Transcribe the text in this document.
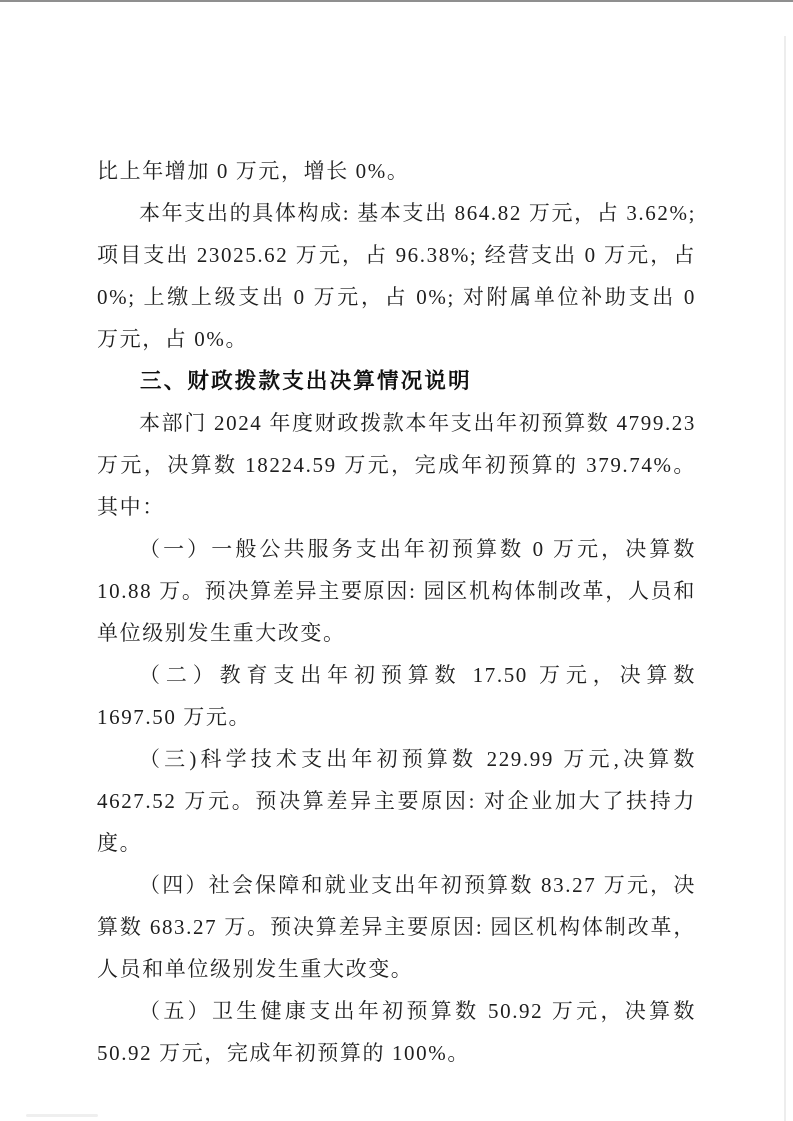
比上年增加 0 万元，增长 0%。

本年支出的具体构成: 基本支出 864.82 万元，占 3.62%; 项目支出 23025.62 万元，占 96.38%; 经营支出 0 万元，占 0%; 上缴上级支出 0 万元，占 0%; 对附属单位补助支出 0 万元，占 0%。

三、财政拨款支出决算情况说明

本部门 2024 年度财政拨款本年支出年初预算数 4799.23 万元，决算数 18224.59 万元，完成年初预算的 379.74%。其中：

（一）一般公共服务支出年初预算数 0 万元，决算数 10.88 万。预决算差异主要原因: 园区机构体制改革，人员和单位级别发生重大改变。

（二）教育支出年初预算数 17.50 万元，决算数 1697.50 万元。

（三)科学技术支出年初预算数 229.99 万元,决算数 4627.52 万元。预决算差异主要原因: 对企业加大了扶持力度。

（四）社会保障和就业支出年初预算数 83.27 万元，决算数 683.27 万。预决算差异主要原因: 园区机构体制改革，人员和单位级别发生重大改变。

（五）卫生健康支出年初预算数 50.92 万元，决算数 50.92 万元，完成年初预算的 100%。
